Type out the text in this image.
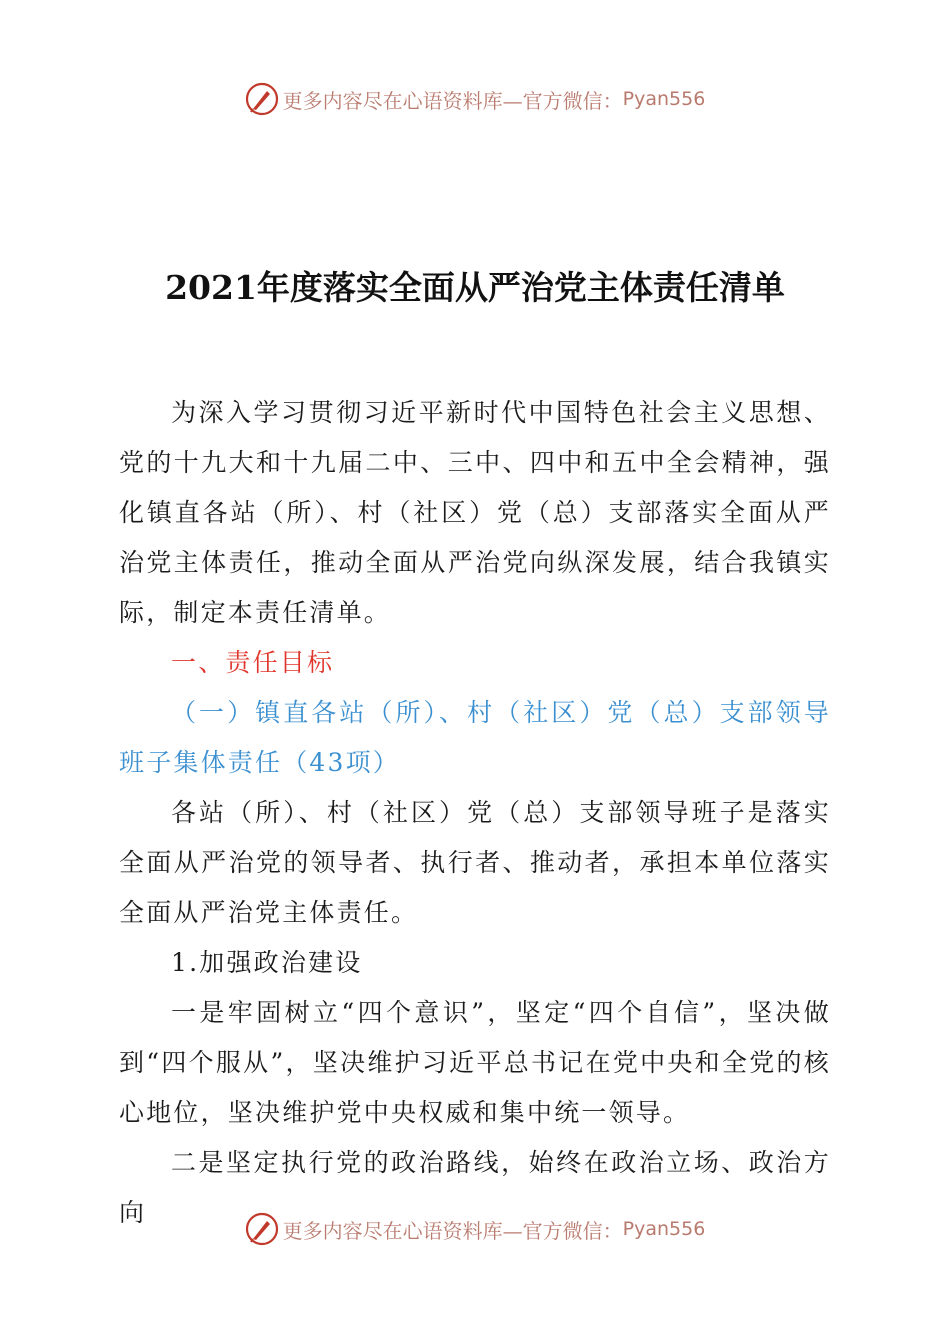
更多内容尽在心语资料库—官方微信： Pyan556
2021年度落实全面从严治党主体责任清单

为深入学习贯彻习近平新时代中国特色社会主义思想、党的十九大和十九届二中、三中、四中和五中全会精神，强化镇直各站（所）、村（社区）党（总）支部落实全面从严治党主体责任，推动全面从严治党向纵深发展，结合我镇实际，制定本责任清单。

一、责任目标

（一）镇直各站（所）、村（社区）党（总）支部领导班子集体责任（43项）

各站（所）、村（社区）党（总）支部领导班子是落实全面从严治党的领导者、执行者、推动者，承担本单位落实全面从严治党主体责任。

1.加强政治建设

一是牢固树立“四个意识”，坚定“四个自信”，坚决做到“四个服从”，坚决维护习近平总书记在党中央和全党的核心地位，坚决维护党中央权威和集中统一领导。

二是坚定执行党的政治路线，始终在政治立场、政治方向

更多内容尽在心语资料库—官方微信： Pyan556
